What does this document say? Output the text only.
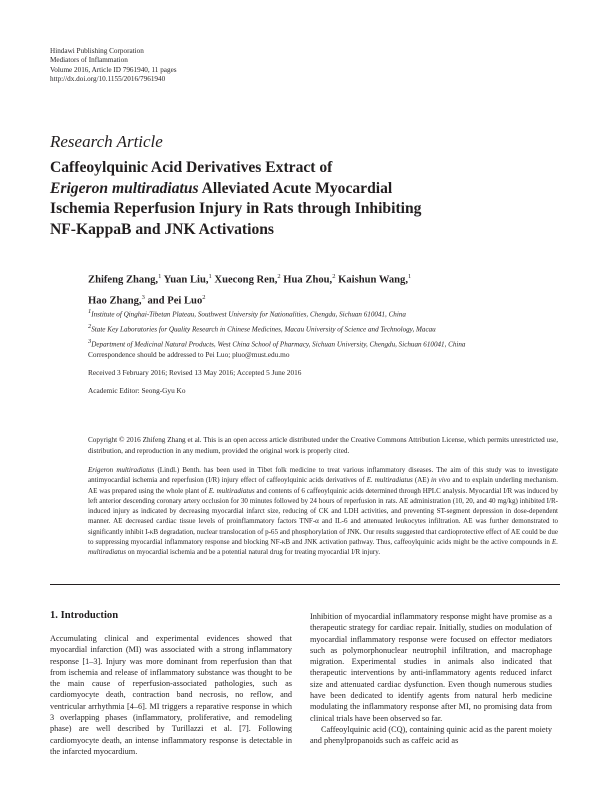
Hindawi Publishing Corporation
Mediators of Inflammation
Volume 2016, Article ID 7961940, 11 pages
http://dx.doi.org/10.1155/2016/7961940
Research Article
Caffeoylquinic Acid Derivatives Extract of
Erigeron multiradiatus Alleviated Acute Myocardial
Ischemia Reperfusion Injury in Rats through Inhibiting
NF-KappaB and JNK Activations
Zhifeng Zhang,$^1$ Yuan Liu,$^1$ Xuecong Ren,$^2$ Hua Zhou,$^2$ Kaishun Wang,$^1$
Hao Zhang,$^3$ and Pei Luo$^2$
$^1$Institute of Qinghai-Tibetan Plateau, Southwest University for Nationalities, Chengdu, Sichuan 610041, China
$^2$State Key Laboratories for Quality Research in Chinese Medicines, Macau University of Science and Technology, Macau
$^3$Department of Medicinal Natural Products, West China School of Pharmacy, Sichuan University, Chengdu, Sichuan 610041, China
Correspondence should be addressed to Pei Luo; pluo@must.edu.mo
Received 3 February 2016; Revised 13 May 2016; Accepted 5 June 2016
Academic Editor: Seong-Gyu Ko
Copyright © 2016 Zhifeng Zhang et al. This is an open access article distributed under the Creative Commons Attribution License, which permits unrestricted use, distribution, and reproduction in any medium, provided the original work is properly cited.
Erigeron multiradiatus (Lindl.) Benth. has been used in Tibet folk medicine to treat various inflammatory diseases. The aim of this study was to investigate antimyocardial ischemia and reperfusion (I/R) injury effect of caffeoylquinic acids derivatives of E. multiradiatus (AE) in vivo and to explain underling mechanism. AE was prepared using the whole plant of E. multiradiatus and contents of 6 caffeoylquinic acids determined through HPLC analysis. Myocardial I/R was induced by left anterior descending coronary artery occlusion for 30 minutes followed by 24 hours of reperfusion in rats. AE administration (10, 20, and 40 mg/kg) inhibited I/R-induced injury as indicated by decreasing myocardial infarct size, reducing of CK and LDH activities, and preventing ST-segment depression in dose-dependent manner. AE decreased cardiac tissue levels of proinflammatory factors TNF-α and IL-6 and attenuated leukocytes infiltration. AE was further demonstrated to significantly inhibit I-κB degradation, nuclear translocation of p-65 and phosphorylation of JNK. Our results suggested that cardioprotective effect of AE could be due to suppressing myocardial inflammatory response and blocking NF-κB and JNK activation pathway. Thus, caffeoylquinic acids might be the active compounds in E. multiradiatus on myocardial ischemia and be a potential natural drug for treating myocardial I/R injury.
1. Introduction

Accumulating clinical and experimental evidences showed that myocardial infarction (MI) was associated with a strong inflammatory response [1–3]. Injury was more dominant from reperfusion than that from ischemia and release of inflammatory substance was thought to be the main cause of reperfusion-associated pathologies, such as cardiomyocyte death, contraction band necrosis, no reflow, and ventricular arrhythmia [4–6]. MI triggers a reparative response in which 3 overlapping phases (inflammatory, proliferative, and remodeling phase) are well described by Turillazzi et al. [7]. Following cardiomyocyte death, an intense inflammatory response is detectable in the infarcted myocardium.

Inhibition of myocardial inflammatory response might have promise as a therapeutic strategy for cardiac repair. Initially, studies on modulation of myocardial inflammatory response were focused on effector mediators such as polymorphonuclear neutrophil infiltration, and macrophage migration. Experimental studies in animals also indicated that therapeutic interventions by anti-inflammatory agents reduced infarct size and attenuated cardiac dysfunction. Even though numerous studies have been dedicated to identify agents from natural herb medicine modulating the inflammatory response after MI, no promising data from clinical trials have been observed so far.

Caffeoylquinic acid (CQ), containing quinic acid as the parent moiety and phenylpropanoids such as caffeic acid as
